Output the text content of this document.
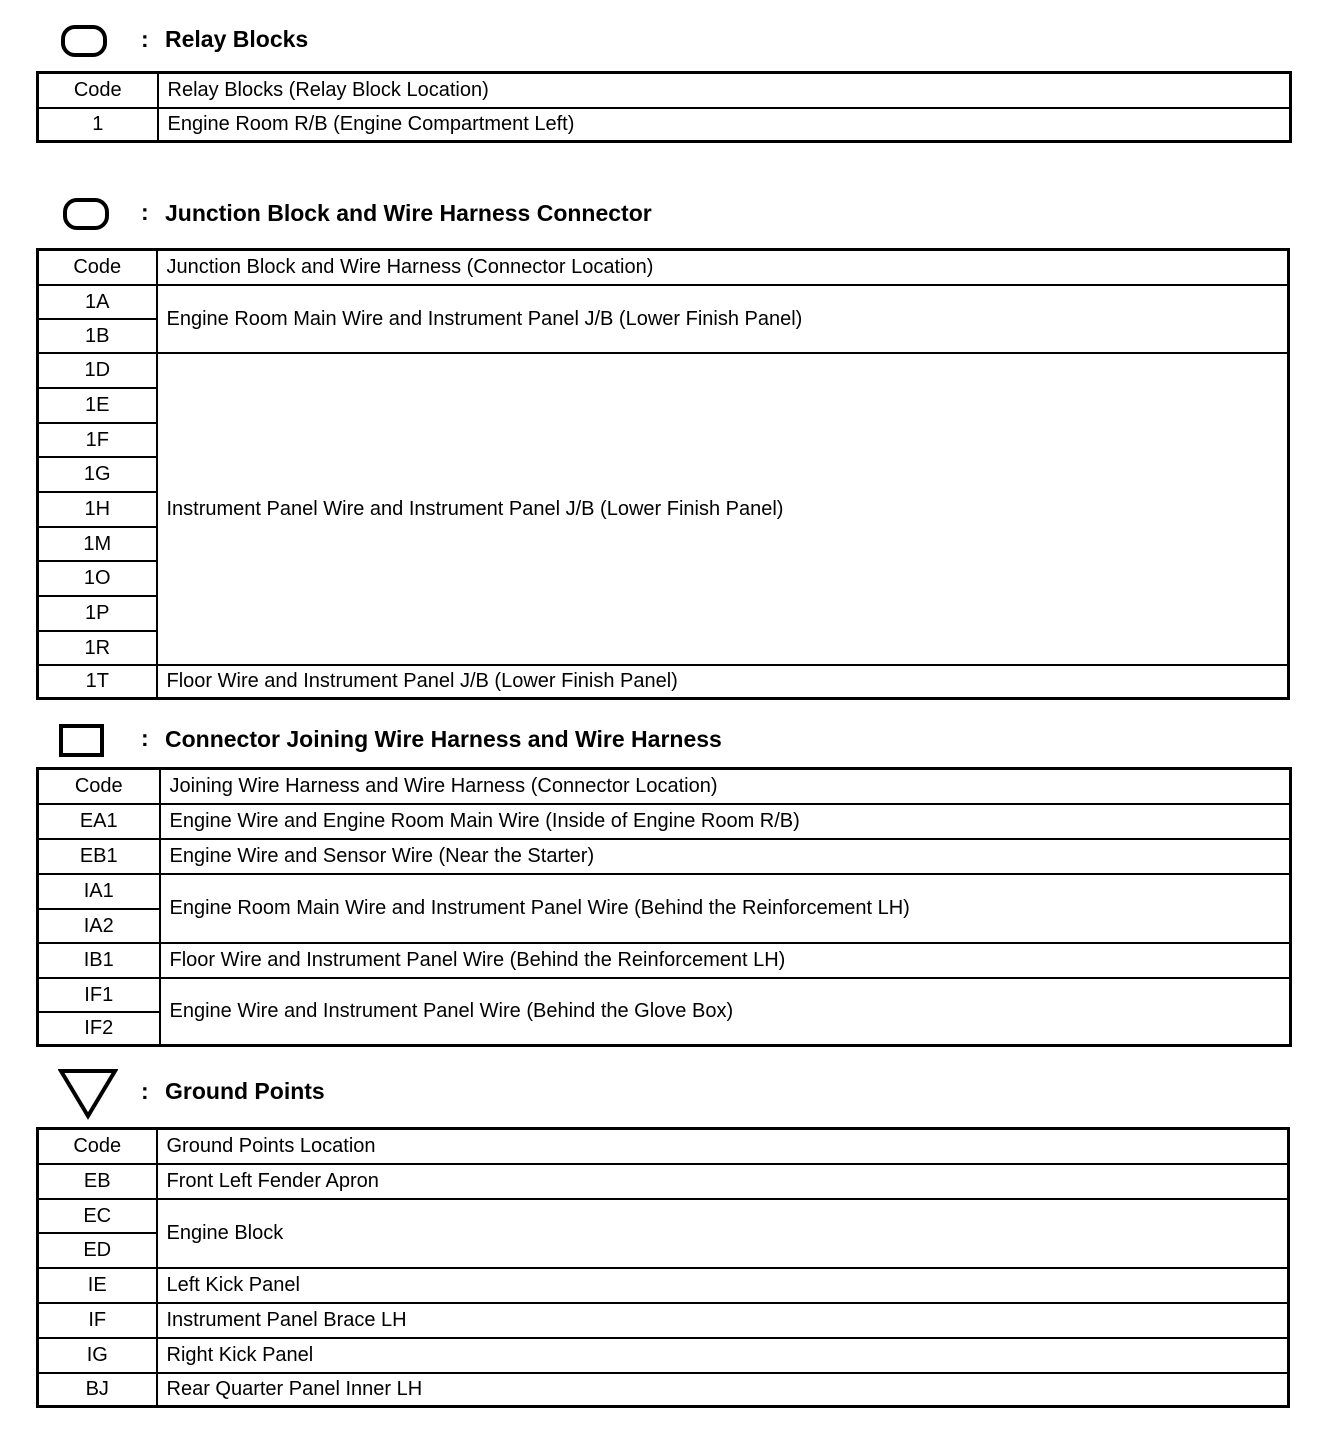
: Relay Blocks
Code	Relay Blocks (Relay Block Location)
1	Engine Room R/B (Engine Compartment Left)
: Junction Block and Wire Harness Connector
Code	Junction Block and Wire Harness (Connector Location)
1A	Engine Room Main Wire and Instrument Panel J/B (Lower Finish Panel)
1B	
1D	Instrument Panel Wire and Instrument Panel J/B (Lower Finish Panel)
1E	
1F	
1G	
1H	
1M	
1O	
1P	
1R	
1T	Floor Wire and Instrument Panel J/B (Lower Finish Panel)
: Connector Joining Wire Harness and Wire Harness
Code	Joining Wire Harness and Wire Harness (Connector Location)
EA1	Engine Wire and Engine Room Main Wire (Inside of Engine Room R/B)
EB1	Engine Wire and Sensor Wire (Near the Starter)
IA1	Engine Room Main Wire and Instrument Panel Wire (Behind the Reinforcement LH)
IA2	
IB1	Floor Wire and Instrument Panel Wire (Behind the Reinforcement LH)
IF1	Engine Wire and Instrument Panel Wire (Behind the Glove Box)
IF2	
: Ground Points
Code	Ground Points Location
EB	Front Left Fender Apron
EC	Engine Block
ED	
IE	Left Kick Panel
IF	Instrument Panel Brace LH
IG	Right Kick Panel
BJ	Rear Quarter Panel Inner LH
